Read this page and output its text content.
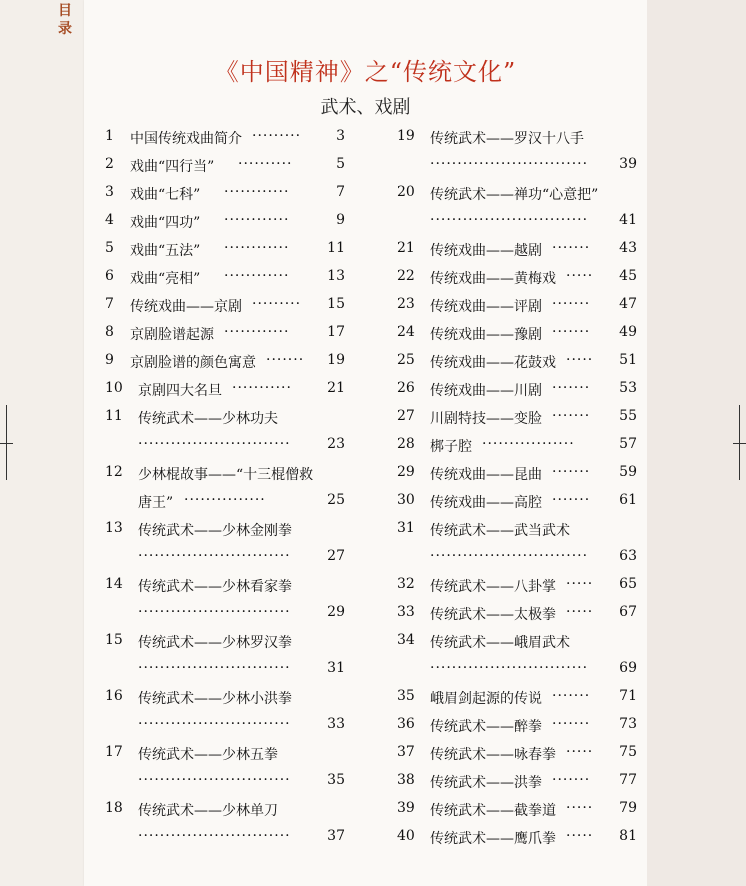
目
录
《中国精神》之“传统文化”
武术、戏剧
1	中国传统戏曲简介 ·········	3
2	戏曲“四行当” ··········	5
3	戏曲“七科” ············	7
4	戏曲“四功” ············	9
5	戏曲“五法” ············	11
6	戏曲“亮相” ············	13
7	传统戏曲——京剧 ·········	15
8	京剧脸谱起源 ············	17
9	京剧脸谱的颜色寓意 ·······	19
10	京剧四大名旦 ···········	21
11	传统武术——少林功夫
····························	23
12	少林棍故事——“十三棍僧救
唐王” ···············	25
13	传统武术——少林金刚拳
····························	27
14	传统武术——少林看家拳
····························	29
15	传统武术——少林罗汉拳
····························	31
16	传统武术——少林小洪拳
····························	33
17	传统武术——少林五拳
····························	35
18	传统武术——少林单刀
····························	37
19	传统武术——罗汉十八手
·····························	39
20	传统武术——禅功“心意把”
·····························	41
21	传统戏曲——越剧 ·······	43
22	传统戏曲——黄梅戏 ·····	45
23	传统戏曲——评剧 ·······	47
24	传统戏曲——豫剧 ·······	49
25	传统戏曲——花鼓戏 ·····	51
26	传统戏曲——川剧 ·······	53
27	川剧特技——变脸 ·······	55
28	梆子腔 ·················	57
29	传统戏曲——昆曲 ·······	59
30	传统戏曲——高腔 ·······	61
31	传统武术——武当武术
·····························	63
32	传统武术——八卦掌 ·····	65
33	传统武术——太极拳 ·····	67
34	传统武术——峨眉武术
·····························	69
35	峨眉剑起源的传说 ·······	71
36	传统武术——醉拳 ·······	73
37	传统武术——咏春拳 ·····	75
38	传统武术——洪拳 ·······	77
39	传统武术——截拳道 ·····	79
40	传统武术——鹰爪拳 ·····	81
